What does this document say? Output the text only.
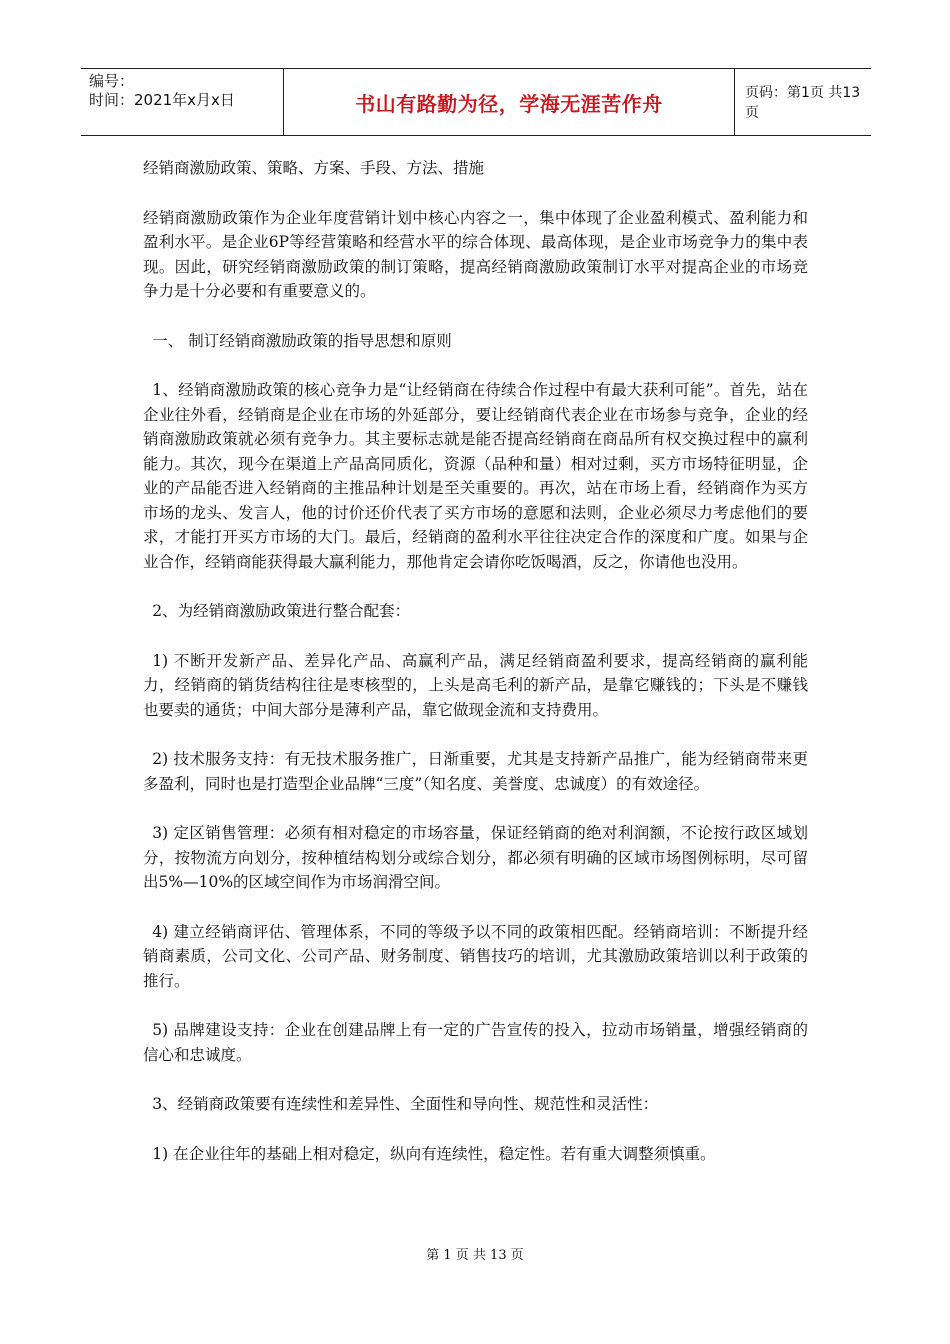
编号：
时间：2021年x月x日	书山有路勤为径，学海无涯苦作舟	页码：第1页 共13页

经销商激励政策、策略、方案、手段、方法、措施

经销商激励政策作为企业年度营销计划中核心内容之一，集中体现了企业盈利模式、盈利能力和盈利水平。是企业6P等经营策略和经营水平的综合体现、最高体现，是企业市场竞争力的集中表现。因此，研究经销商激励政策的制订策略，提高经销商激励政策制订水平对提高企业的市场竞争力是十分必要和有重要意义的。

一、 制订经销商激励政策的指导思想和原则

1、经销商激励政策的核心竞争力是“让经销商在待续合作过程中有最大获利可能”。首先，站在企业往外看，经销商是企业在市场的外延部分，要让经销商代表企业在市场参与竞争，企业的经销商激励政策就必须有竞争力。其主要标志就是能否提高经销商在商品所有权交换过程中的赢利能力。其次，现今在渠道上产品高同质化，资源（品种和量）相对过剩，买方市场特征明显，企业的产品能否进入经销商的主推品种计划是至关重要的。再次，站在市场上看，经销商作为买方市场的龙头、发言人，他的讨价还价代表了买方市场的意愿和法则，企业必须尽力考虑他们的要求，才能打开买方市场的大门。最后，经销商的盈利水平往往决定合作的深度和广度。如果与企业合作，经销商能获得最大赢利能力，那他肯定会请你吃饭喝酒，反之，你请他也没用。

2、为经销商激励政策进行整合配套：

1) 不断开发新产品、差异化产品、高赢利产品，满足经销商盈利要求，提高经销商的赢利能力，经销商的销货结构往往是枣核型的，上头是高毛利的新产品，是靠它赚钱的；下头是不赚钱也要卖的通货；中间大部分是薄利产品，靠它做现金流和支持费用。

2) 技术服务支持：有无技术服务推广，日渐重要，尤其是支持新产品推广，能为经销商带来更多盈利，同时也是打造型企业品牌“三度”（知名度、美誉度、忠诚度）的有效途径。

3) 定区销售管理：必须有相对稳定的市场容量，保证经销商的绝对利润额，不论按行政区域划分，按物流方向划分，按种植结构划分或综合划分，都必须有明确的区域市场图例标明，尽可留出5%—10%的区域空间作为市场润滑空间。

4) 建立经销商评估、管理体系，不同的等级予以不同的政策相匹配。经销商培训：不断提升经销商素质，公司文化、公司产品、财务制度、销售技巧的培训，尤其激励政策培训以利于政策的推行。

5) 品牌建设支持：企业在创建品牌上有一定的广告宣传的投入，拉动市场销量，增强经销商的信心和忠诚度。

3、经销商政策要有连续性和差异性、全面性和导向性、规范性和灵活性：

1) 在企业往年的基础上相对稳定，纵向有连续性，稳定性。若有重大调整须慎重。

第 1 页 共 13 页
